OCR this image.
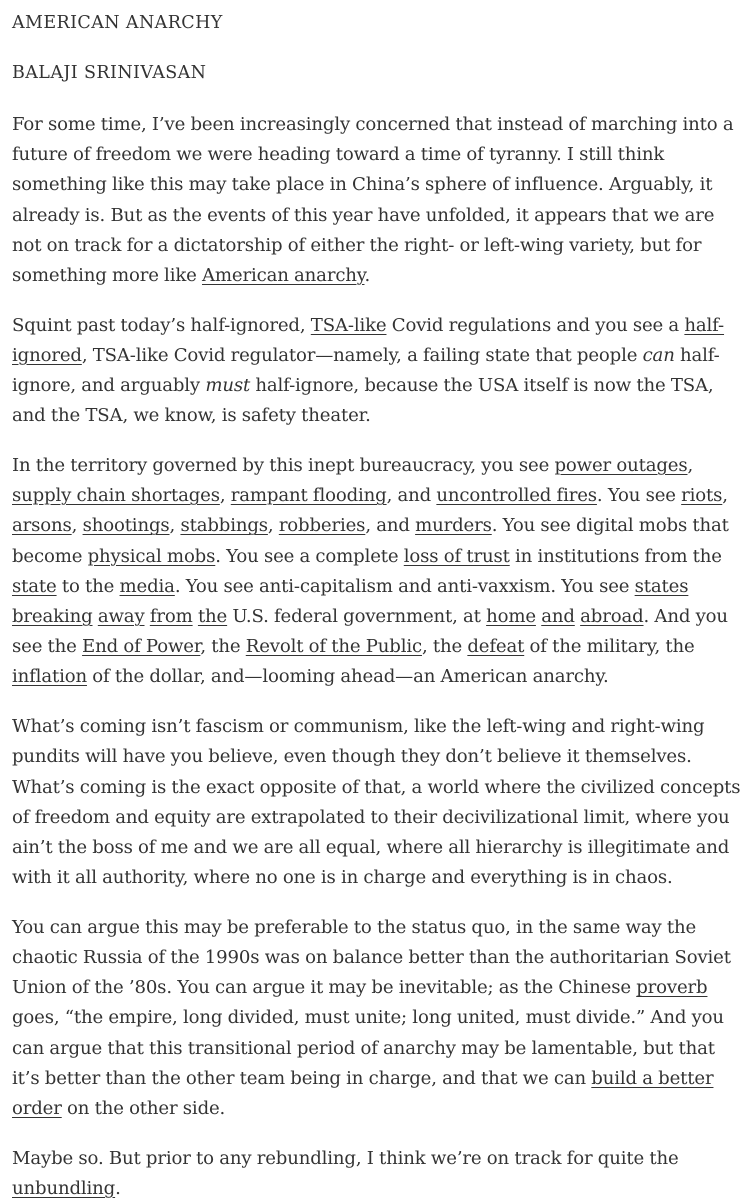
AMERICAN ANARCHY
BALAJI SRINIVASAN

For some time, I’ve been increasingly concerned that instead of marching into a future of freedom we were heading toward a time of tyranny. I still think something like this may take place in China’s sphere of influence. Arguably, it already is. But as the events of this year have unfolded, it appears that we are not on track for a dictatorship of either the right- or left-wing variety, but for something more like American anarchy.

Squint past today’s half-ignored, TSA-like Covid regulations and you see a half-ignored, TSA-like Covid regulator—namely, a failing state that people can half-ignore, and arguably must half-ignore, because the USA itself is now the TSA, and the TSA, we know, is safety theater.

In the territory governed by this inept bureaucracy, you see power outages, supply chain shortages, rampant flooding, and uncontrolled fires. You see riots, arsons, shootings, stabbings, robberies, and murders. You see digital mobs that become physical mobs. You see a complete loss of trust in institutions from the state to the media. You see anti-capitalism and anti-vaxxism. You see states breaking away from the U.S. federal government, at home and abroad. And you see the End of Power, the Revolt of the Public, the defeat of the military, the inflation of the dollar, and—looming ahead—an American anarchy.

What’s coming isn’t fascism or communism, like the left-wing and right-wing pundits will have you believe, even though they don’t believe it themselves. What’s coming is the exact opposite of that, a world where the civilized concepts of freedom and equity are extrapolated to their decivilizational limit, where you ain’t the boss of me and we are all equal, where all hierarchy is illegitimate and with it all authority, where no one is in charge and everything is in chaos.

You can argue this may be preferable to the status quo, in the same way the chaotic Russia of the 1990s was on balance better than the authoritarian Soviet Union of the ’80s. You can argue it may be inevitable; as the Chinese proverb goes, “the empire, long divided, must unite; long united, must divide.” And you can argue that this transitional period of anarchy may be lamentable, but that it’s better than the other team being in charge, and that we can build a better order on the other side.

Maybe so. But prior to any rebundling, I think we’re on track for quite the unbundling.
